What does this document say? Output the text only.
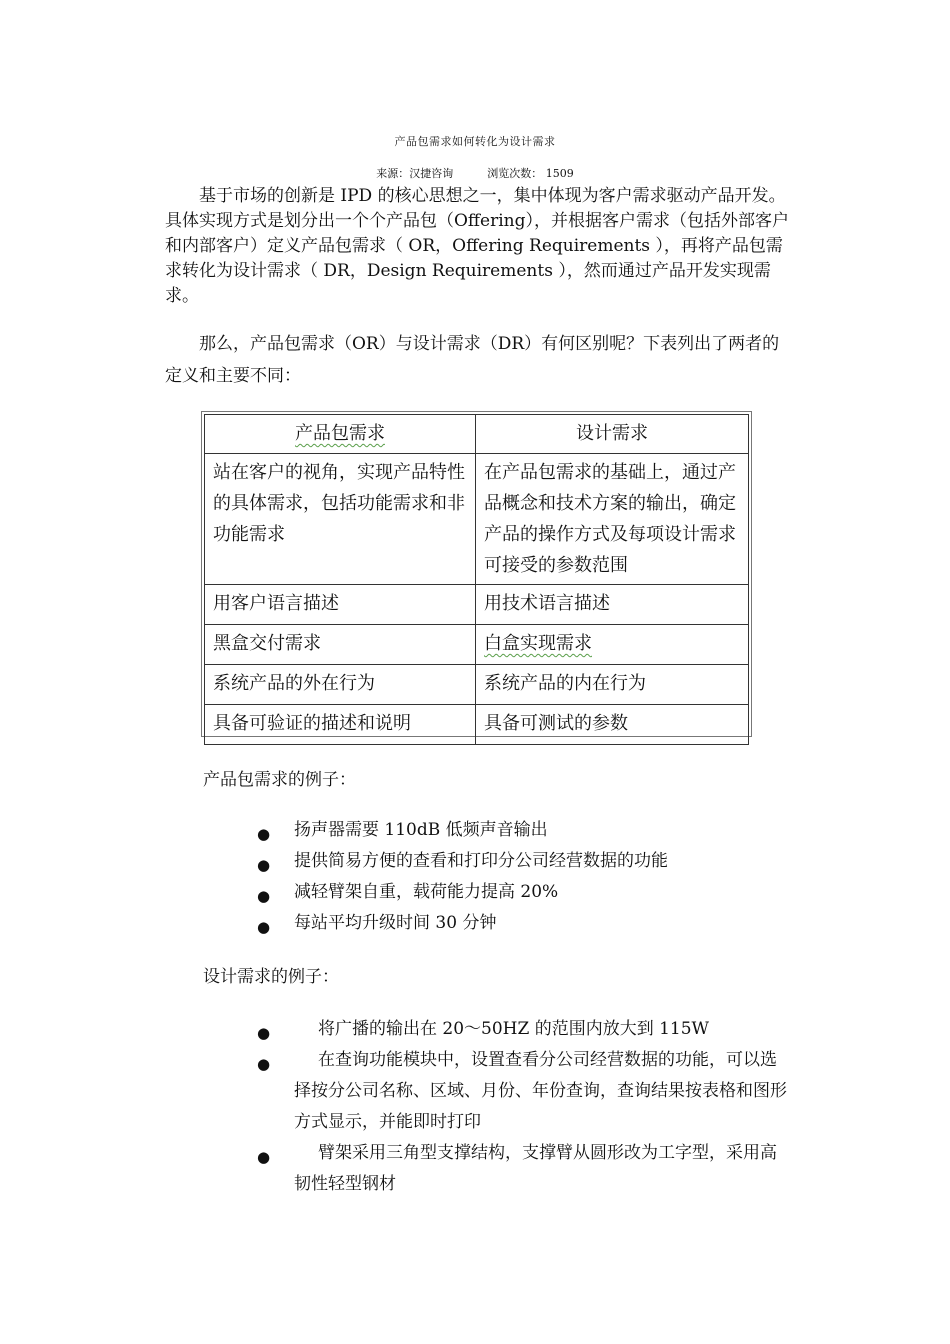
产品包需求如何转化为设计需求
来源：汉捷咨询	浏览次数： 1509
基于市场的创新是 IPD 的核心思想之一，集中体现为客户需求驱动产品开发。具体实现方式是划分出一个个产品包（Offering），并根据客户需求（包括外部客户和内部客户）定义产品包需求（ OR，Offering Requirements ），再将产品包需求转化为设计需求（ DR，Design Requirements ），然而通过产品开发实现需求。
那么，产品包需求（OR）与设计需求（DR）有何区别呢？下表列出了两者的定义和主要不同：
产品包需求	设计需求
站在客户的视角，实现产品特性的具体需求，包括功能需求和非功能需求	在产品包需求的基础上，通过产品概念和技术方案的输出，确定产品的操作方式及每项设计需求可接受的参数范围
用客户语言描述	用技术语言描述
黑盒交付需求	白盒实现需求
系统产品的外在行为	系统产品的内在行为
具备可验证的描述和说明	具备可测试的参数
产品包需求的例子：
● 扬声器需要 110dB 低频声音输出
● 提供简易方便的查看和打印分公司经营数据的功能
● 减轻臂架自重，载荷能力提高 20%
● 每站平均升级时间 30 分钟
设计需求的例子：
●	将广播的输出在 20～50HZ 的范围内放大到 115W
●	在查询功能模块中，设置查看分公司经营数据的功能，可以选择按分公司名称、区域、月份、年份查询，查询结果按表格和图形方式显示，并能即时打印
●	臂架采用三角型支撑结构，支撑臂从圆形改为工字型，采用高韧性轻型钢材
